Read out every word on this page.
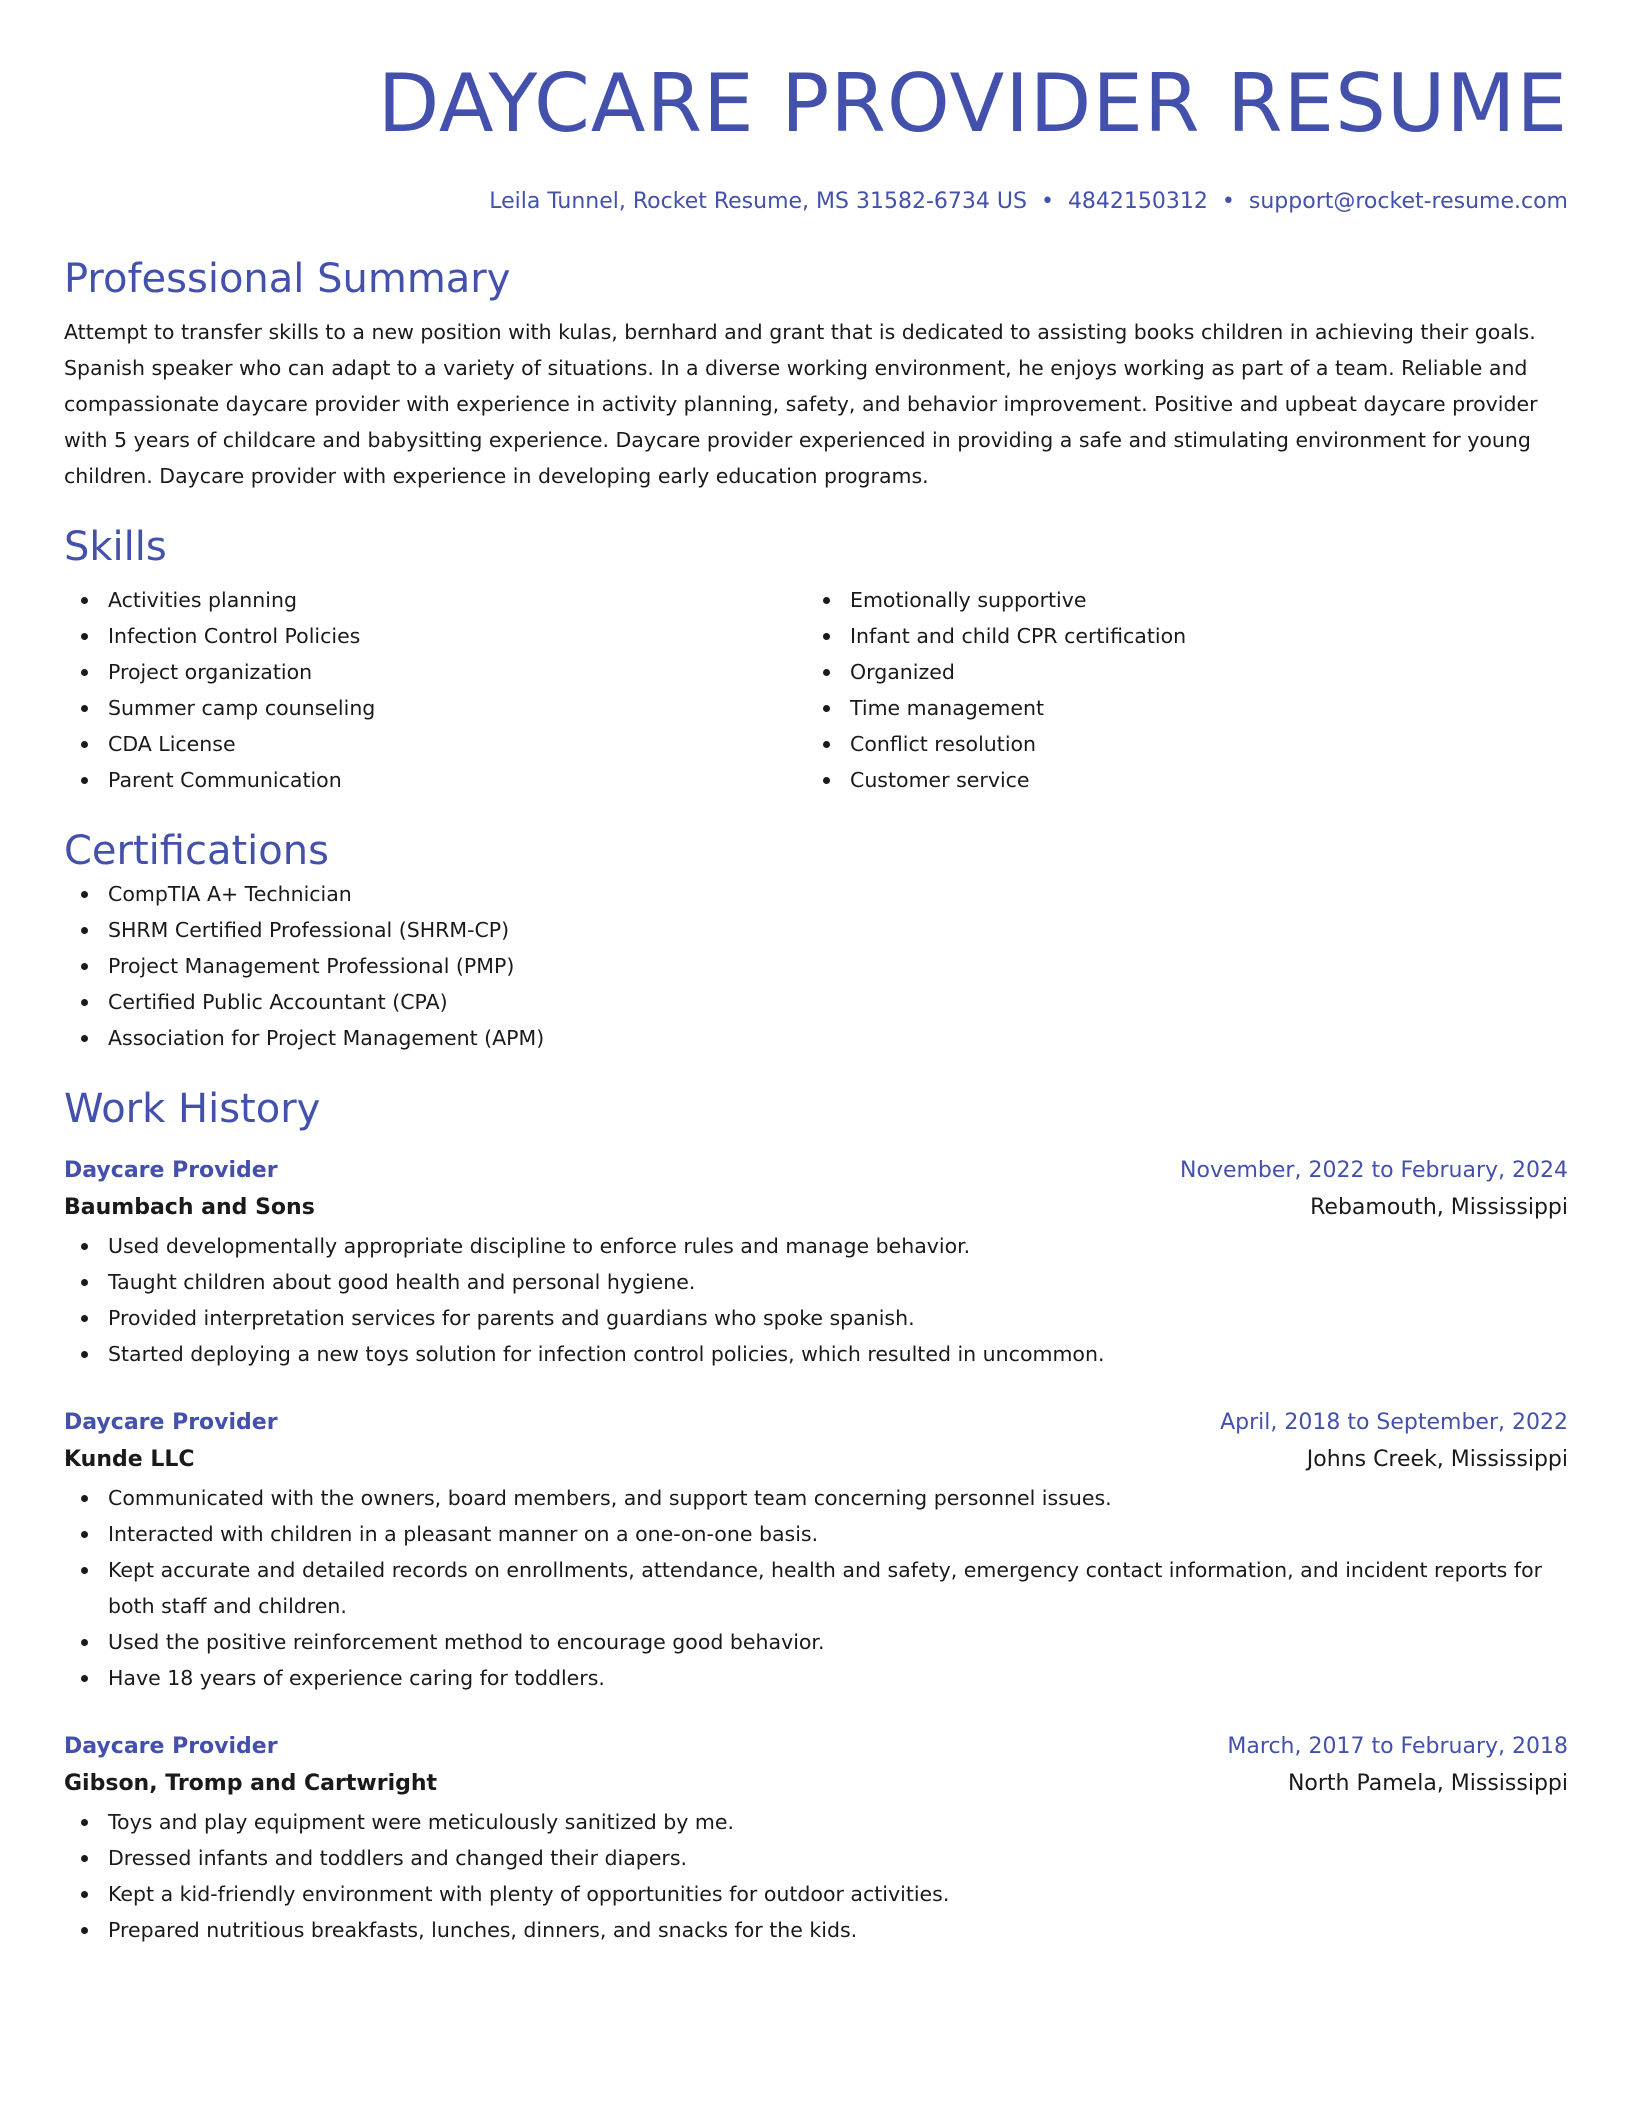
DAYCARE PROVIDER RESUME
Leila Tunnel, Rocket Resume, MS 31582-6734 US • 4842150312 • support@rocket-resume.com
Professional Summary
Attempt to transfer skills to a new position with kulas, bernhard and grant that is dedicated to assisting books children in achieving their goals. Spanish speaker who can adapt to a variety of situations. In a diverse working environment, he enjoys working as part of a team. Reliable and compassionate daycare provider with experience in activity planning, safety, and behavior improvement. Positive and upbeat daycare provider with 5 years of childcare and babysitting experience. Daycare provider experienced in providing a safe and stimulating environment for young children. Daycare provider with experience in developing early education programs.
Skills
Activities planning
Infection Control Policies
Project organization
Summer camp counseling
CDA License
Parent Communication
Emotionally supportive
Infant and child CPR certification
Organized
Time management
Conflict resolution
Customer service
Certifications
CompTIA A+ Technician
SHRM Certified Professional (SHRM-CP)
Project Management Professional (PMP)
Certified Public Accountant (CPA)
Association for Project Management (APM)
Work History
Daycare Provider	November, 2022 to February, 2024
Baumbach and Sons	Rebamouth, Mississippi
Used developmentally appropriate discipline to enforce rules and manage behavior.
Taught children about good health and personal hygiene.
Provided interpretation services for parents and guardians who spoke spanish.
Started deploying a new toys solution for infection control policies, which resulted in uncommon.
Daycare Provider	April, 2018 to September, 2022
Kunde LLC	Johns Creek, Mississippi
Communicated with the owners, board members, and support team concerning personnel issues.
Interacted with children in a pleasant manner on a one-on-one basis.
Kept accurate and detailed records on enrollments, attendance, health and safety, emergency contact information, and incident reports for both staff and children.
Used the positive reinforcement method to encourage good behavior.
Have 18 years of experience caring for toddlers.
Daycare Provider	March, 2017 to February, 2018
Gibson, Tromp and Cartwright	North Pamela, Mississippi
Toys and play equipment were meticulously sanitized by me.
Dressed infants and toddlers and changed their diapers.
Kept a kid-friendly environment with plenty of opportunities for outdoor activities.
Prepared nutritious breakfasts, lunches, dinners, and snacks for the kids.
